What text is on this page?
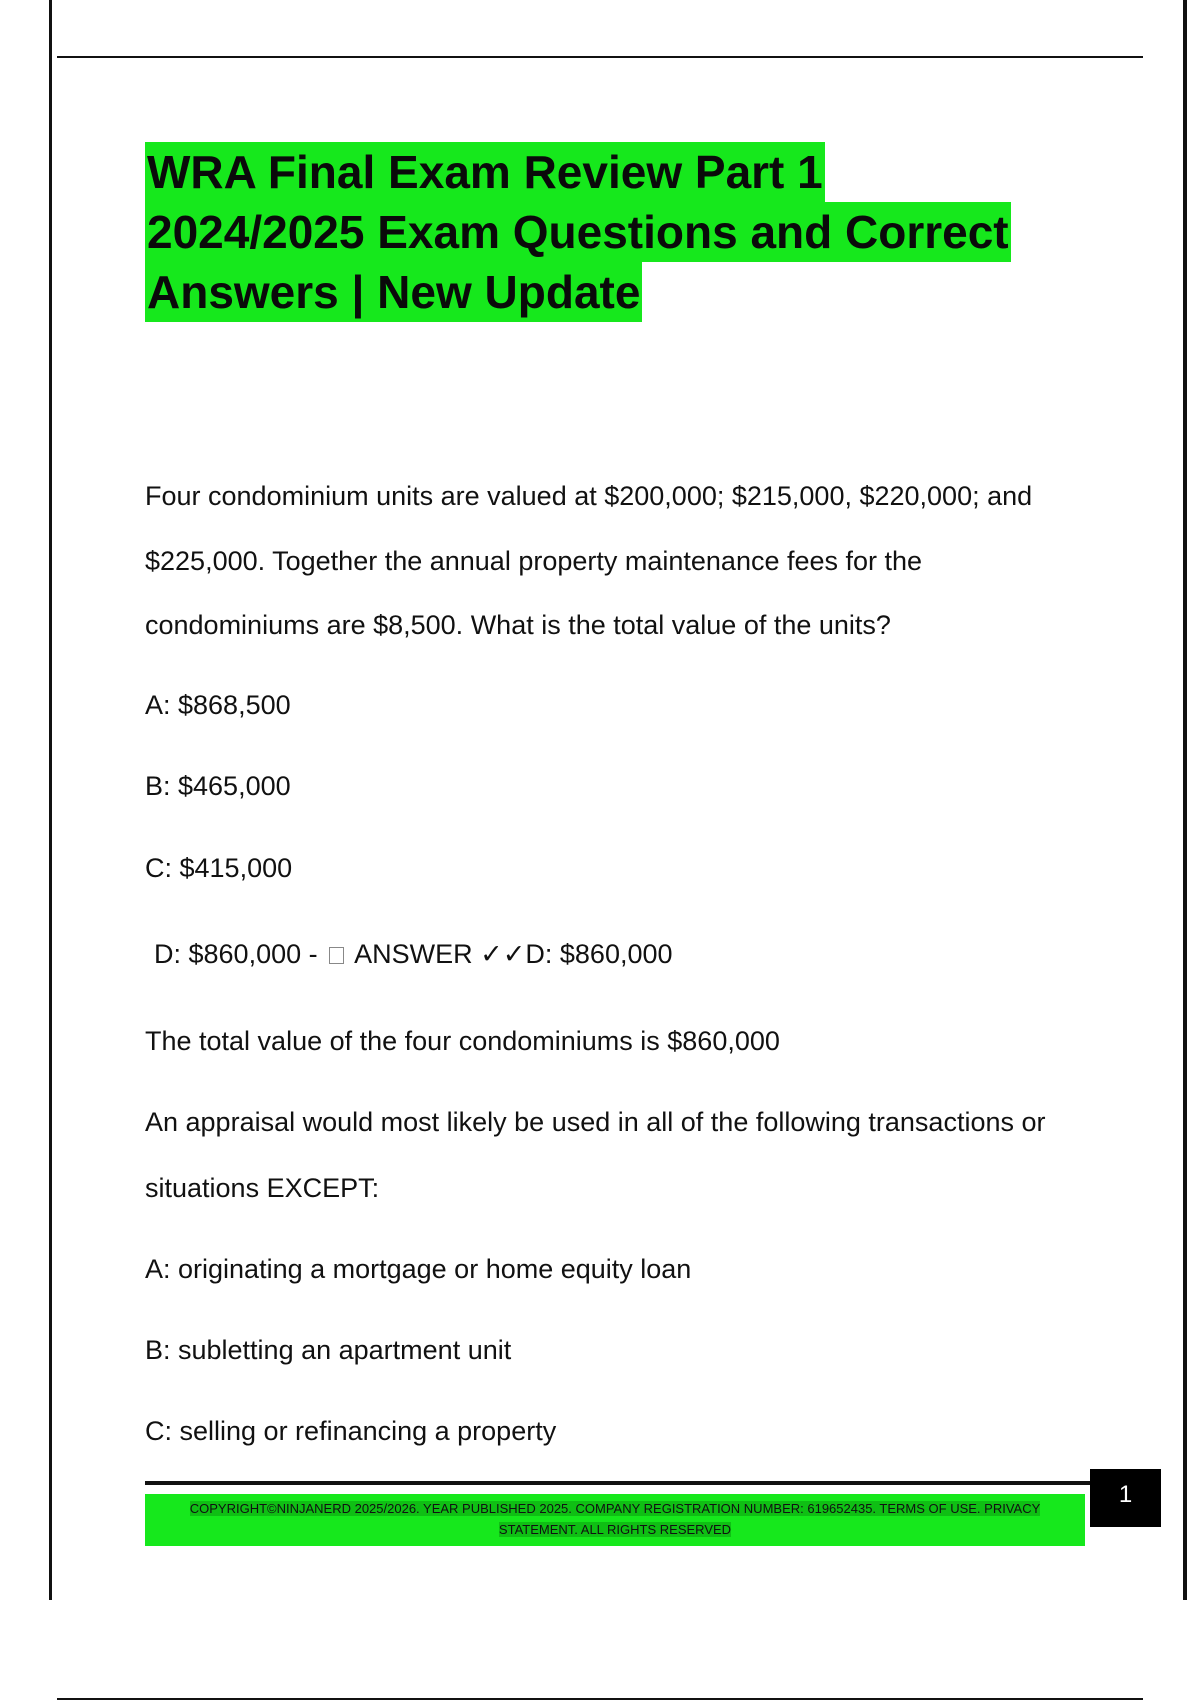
WRA Final Exam Review Part 1
2024/2025 Exam Questions and Correct
Answers | New Update

Four condominium units are valued at $200,000; $215,000, $220,000; and

$225,000. Together the annual property maintenance fees for the

condominiums are $8,500. What is the total value of the units?

A: $868,500

B: $465,000

C: $415,000

D: $860,000 - ANSWER ✓✓D: $860,000

The total value of the four condominiums is $860,000

An appraisal would most likely be used in all of the following transactions or

situations EXCEPT:

A: originating a mortgage or home equity loan

B: subletting an apartment unit

C: selling or refinancing a property

COPYRIGHT©NINJANERD 2025/2026. YEAR PUBLISHED 2025. COMPANY REGISTRATION NUMBER: 619652435. TERMS OF USE. PRIVACY
STATEMENT. ALL RIGHTS RESERVED
1
